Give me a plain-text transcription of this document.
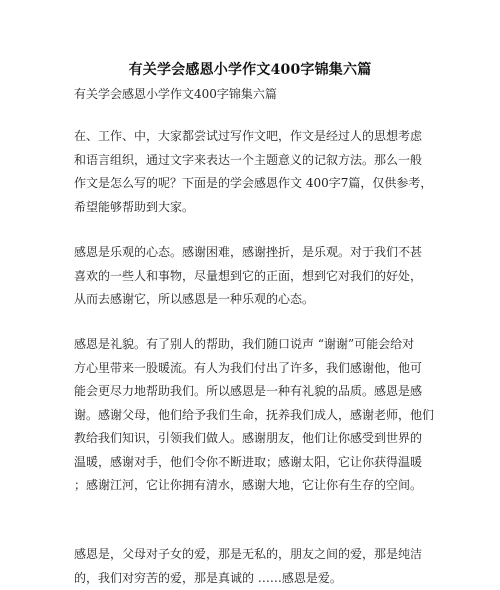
有关学会感恩小学作文400字锦集六篇
有关学会感恩小学作文400字锦集六篇
在、工作、中，大家都尝试过写作文吧，作文是经过人的思想考虑
和语言组织，通过文字来表达一个主题意义的记叙方法。那么一般
作文是怎么写的呢？下面是的学会感恩作文 400字7篇，仅供参考，
希望能够帮助到大家。
感恩是乐观的心态。感谢困难，感谢挫折，是乐观。对于我们不甚
喜欢的一些人和事物，尽量想到它的正面，想到它对我们的好处，
从而去感谢它，所以感恩是一种乐观的心态。
感恩是礼貌。有了别人的帮助，我们随口说声 “谢谢”可能会给对
方心里带来一股暖流。有人为我们付出了许多，我们感谢他，他可
能会更尽力地帮助我们。所以感恩是一种有礼貌的品质。感恩是感
谢。感谢父母，他们给予我们生命，抚养我们成人，感谢老师，他们
教给我们知识，引领我们做人。感谢朋友，他们让你感受到世界的
温暖，感谢对手，他们令你不断进取；感谢太阳，它让你获得温暖
；感谢江河，它让你拥有清水，感谢大地，它让你有生存的空间。
感恩是，父母对子女的爱，那是无私的，朋友之间的爱，那是纯洁
的，我们对穷苦的爱，那是真诚的 ……感恩是爱。
